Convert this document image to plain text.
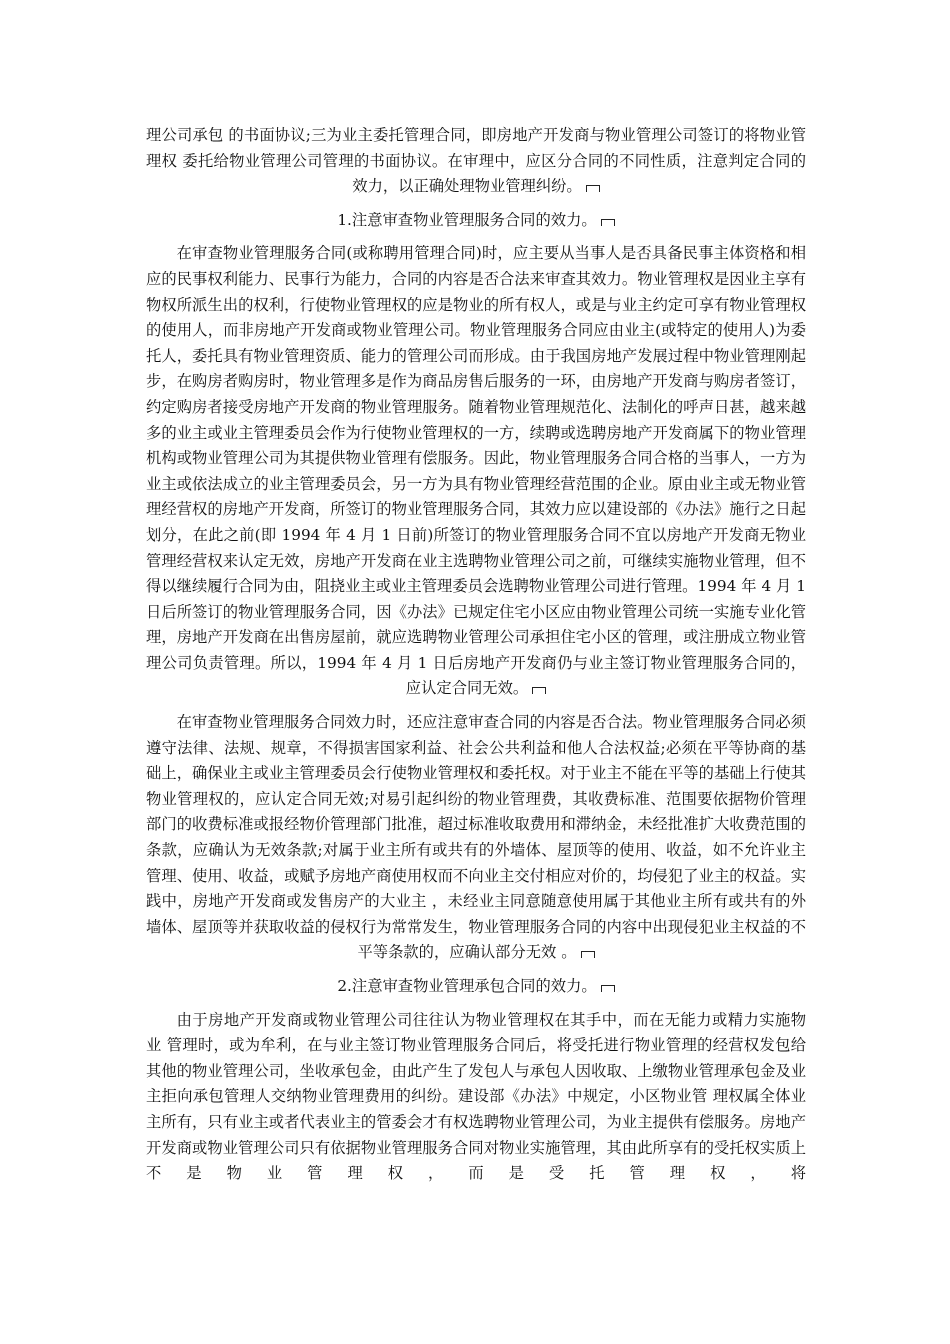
理公司承包 的书面协议;三为业主委托管理合同，即房地产开发商与物业管理公司签订的将物业管理权 委托给物业管理公司管理的书面协议。在审理中，应区分合同的不同性质，注意判定合同的效力，以正确处理物业管理纠纷。

1.注意审查物业管理服务合同的效力。

在审查物业管理服务合同(或称聘用管理合同)时，应主要从当事人是否具备民事主体资格和相应的民事权利能力、民事行为能力，合同的内容是否合法来审查其效力。物业管理权是因业主享有物权所派生出的权利，行使物业管理权的应是物业的所有权人，或是与业主约定可享有物业管理权的使用人，而非房地产开发商或物业管理公司。物业管理服务合同应由业主(或特定的使用人)为委托人，委托具有物业管理资质、能力的管理公司而形成。由于我国房地产发展过程中物业管理刚起步，在购房者购房时，物业管理多是作为商品房售后服务的一环，由房地产开发商与购房者签订，约定购房者接受房地产开发商的物业管理服务。随着物业管理规范化、法制化的呼声日甚，越来越多的业主或业主管理委员会作为行使物业管理权的一方，续聘或选聘房地产开发商属下的物业管理机构或物业管理公司为其提供物业管理有偿服务。因此，物业管理服务合同合格的当事人，一方为业主或依法成立的业主管理委员会，另一方为具有物业管理经营范围的企业。原由业主或无物业管理经营权的房地产开发商，所签订的物业管理服务合同，其效力应以建设部的《办法》施行之日起划分，在此之前(即 1994 年 4 月 1 日前)所签订的物业管理服务合同不宜以房地产开发商无物业 管理经营权来认定无效，房地产开发商在业主选聘物业管理公司之前，可继续实施物业管理，但不得以继续履行合同为由，阻挠业主或业主管理委员会选聘物业管理公司进行管理。1994 年 4 月 1 日后所签订的物业管理服务合同，因《办法》已规定住宅小区应由物业管理公司统一实施专业化管理，房地产开发商在出售房屋前，就应选聘物业管理公司承担住宅小区的管理，或注册成立物业管理公司负责管理。所以，1994 年 4 月 1 日后房地产开发商仍与业主签订物业管理服务合同的，应认定合同无效。

在审查物业管理服务合同效力时，还应注意审查合同的内容是否合法。物业管理服务合同必须遵守法律、法规、规章，不得损害国家利益、社会公共利益和他人合法权益;必须在平等协商的基础上，确保业主或业主管理委员会行使物业管理权和委托权。对于业主不能在平等的基础上行使其物业管理权的，应认定合同无效;对易引起纠纷的物业管理费，其收费标准、范围要依据物价管理部门的收费标准或报经物价管理部门批准，超过标准收取费用和滞纳金，未经批准扩大收费范围的条款，应确认为无效条款;对属于业主所有或共有的外墙体、屋顶等的使用、收益，如不允许业主管理、使用、收益，或赋予房地产商使用权而不向业主交付相应对价的，均侵犯了业主的权益。实践中，房地产开发商或发售房产的大业主 ，未经业主同意随意使用属于其他业主所有或共有的外墙体、屋顶等并获取收益的侵权行为常常发生，物业管理服务合同的内容中出现侵犯业主权益的不平等条款的，应确认部分无效 。

2.注意审查物业管理承包合同的效力。

由于房地产开发商或物业管理公司往往认为物业管理权在其手中，而在无能力或精力实施物 业 管理时，或为牟利，在与业主签订物业管理服务合同后，将受托进行物业管理的经营权发包给其他的物业管理公司，坐收承包金，由此产生了发包人与承包人因收取、上缴物业管理承包金及业主拒向承包管理人交纳物业管理费用的纠纷。建设部《办法》中规定，小区物业管 理权属全体业主所有，只有业主或者代表业主的管委会才有权选聘物业管理公司，为业主提供有偿服务。房地产开发商或物业管理公司只有依据物业管理服务合同对物业实施管理，其由此所享有的受托权实质上不是物业管理权，而是受托管理权，将
